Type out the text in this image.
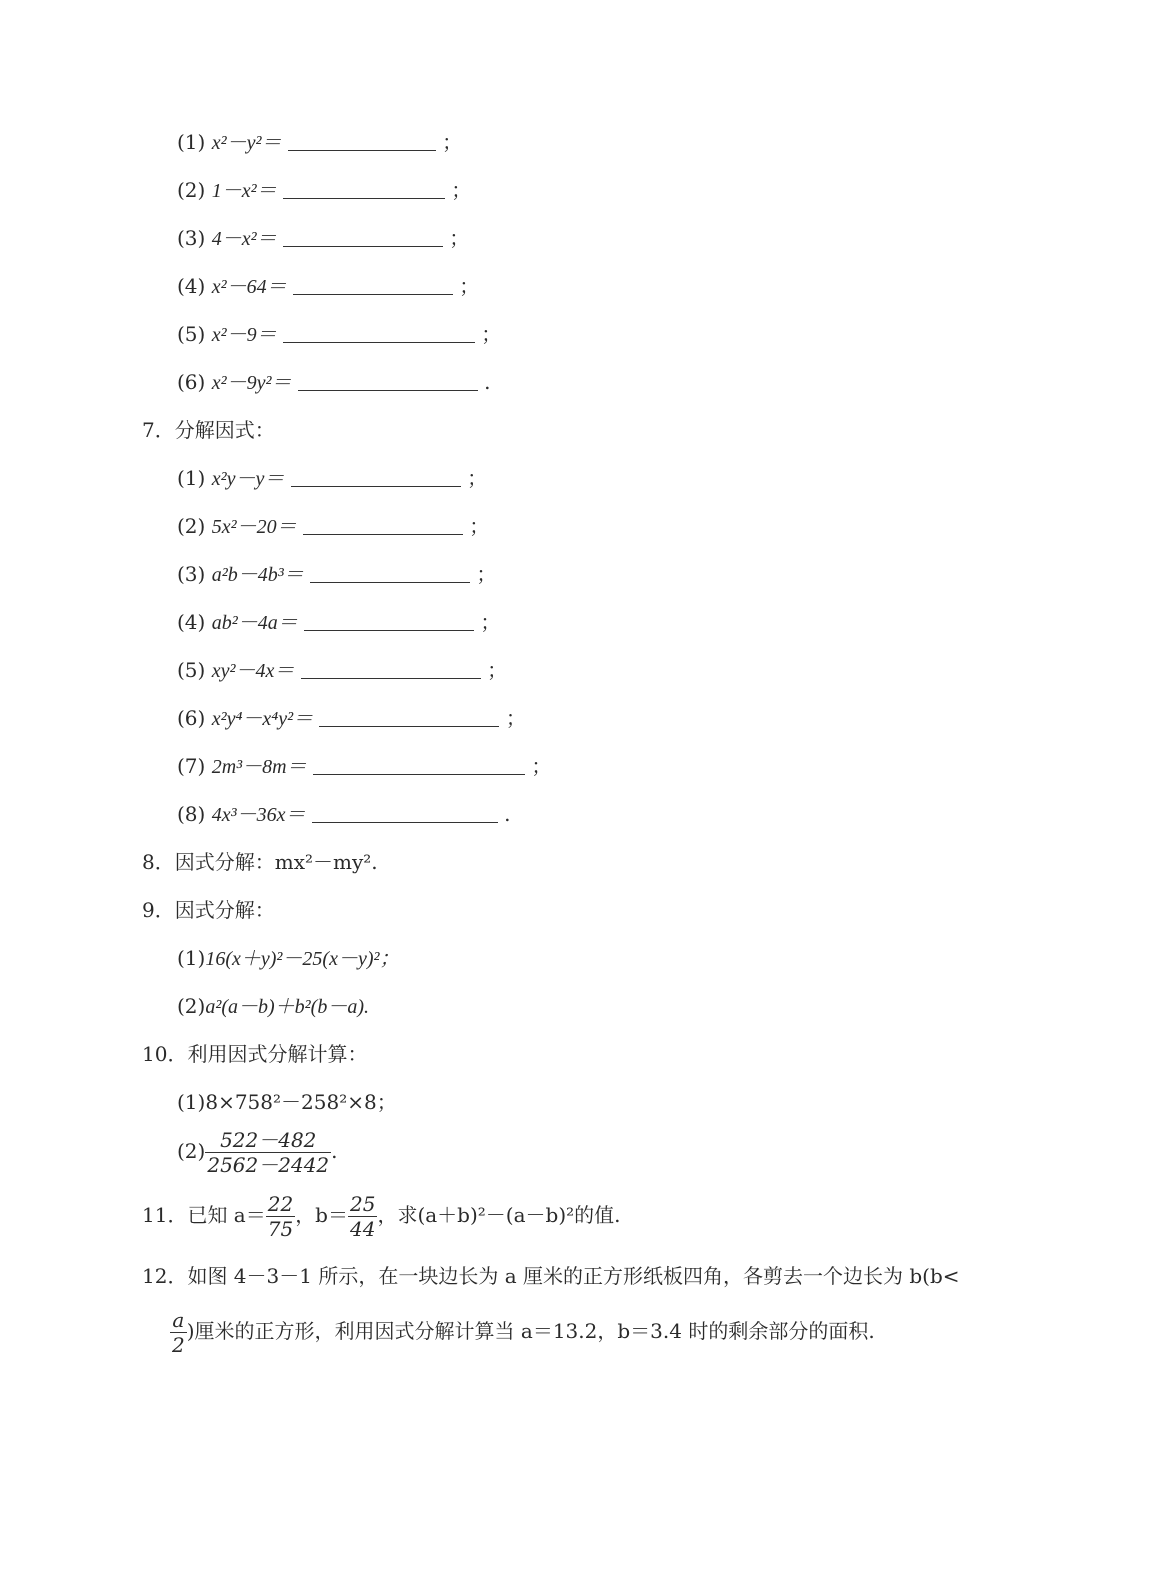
(1) x²－y²＝	；
(2) 1－x²＝	；
(3) 4－x²＝	；
(4) x²－64＝	；
(5) x²－9＝	；
(6) x²－9y²＝	.
7．分解因式：
(1) x²y－y＝	；
(2) 5x²－20＝	；
(3) a²b－4b³＝	；
(4) ab²－4a＝	；
(5) xy²－4x＝	；
(6) x²y⁴－x⁴y²＝	；
(7) 2m³－8m＝	；
(8) 4x³－36x＝	.
8．因式分解：mx²－my².
9．因式分解：
(1)16(x＋y)²－25(x－y)²；
(2)a²(a－b)＋b²(b－a).
10．利用因式分解计算：
(1)8×758²－258²×8；
$(2) \frac{522-482}{2562-2442}$ .
11．已知 $a= \frac{22}{75}$ ，$b= \frac{25}{44}$ ，求(a＋b)²－(a－b)²的值.
12．如图 4－3－1 所示，在一块边长为 a 厘米的正方形纸板四角，各剪去一个边长为 b(b<
$\frac{a}{2}$ )厘米的正方形，利用因式分解计算当 a＝13.2，b＝3.4 时的剩余部分的面积.
